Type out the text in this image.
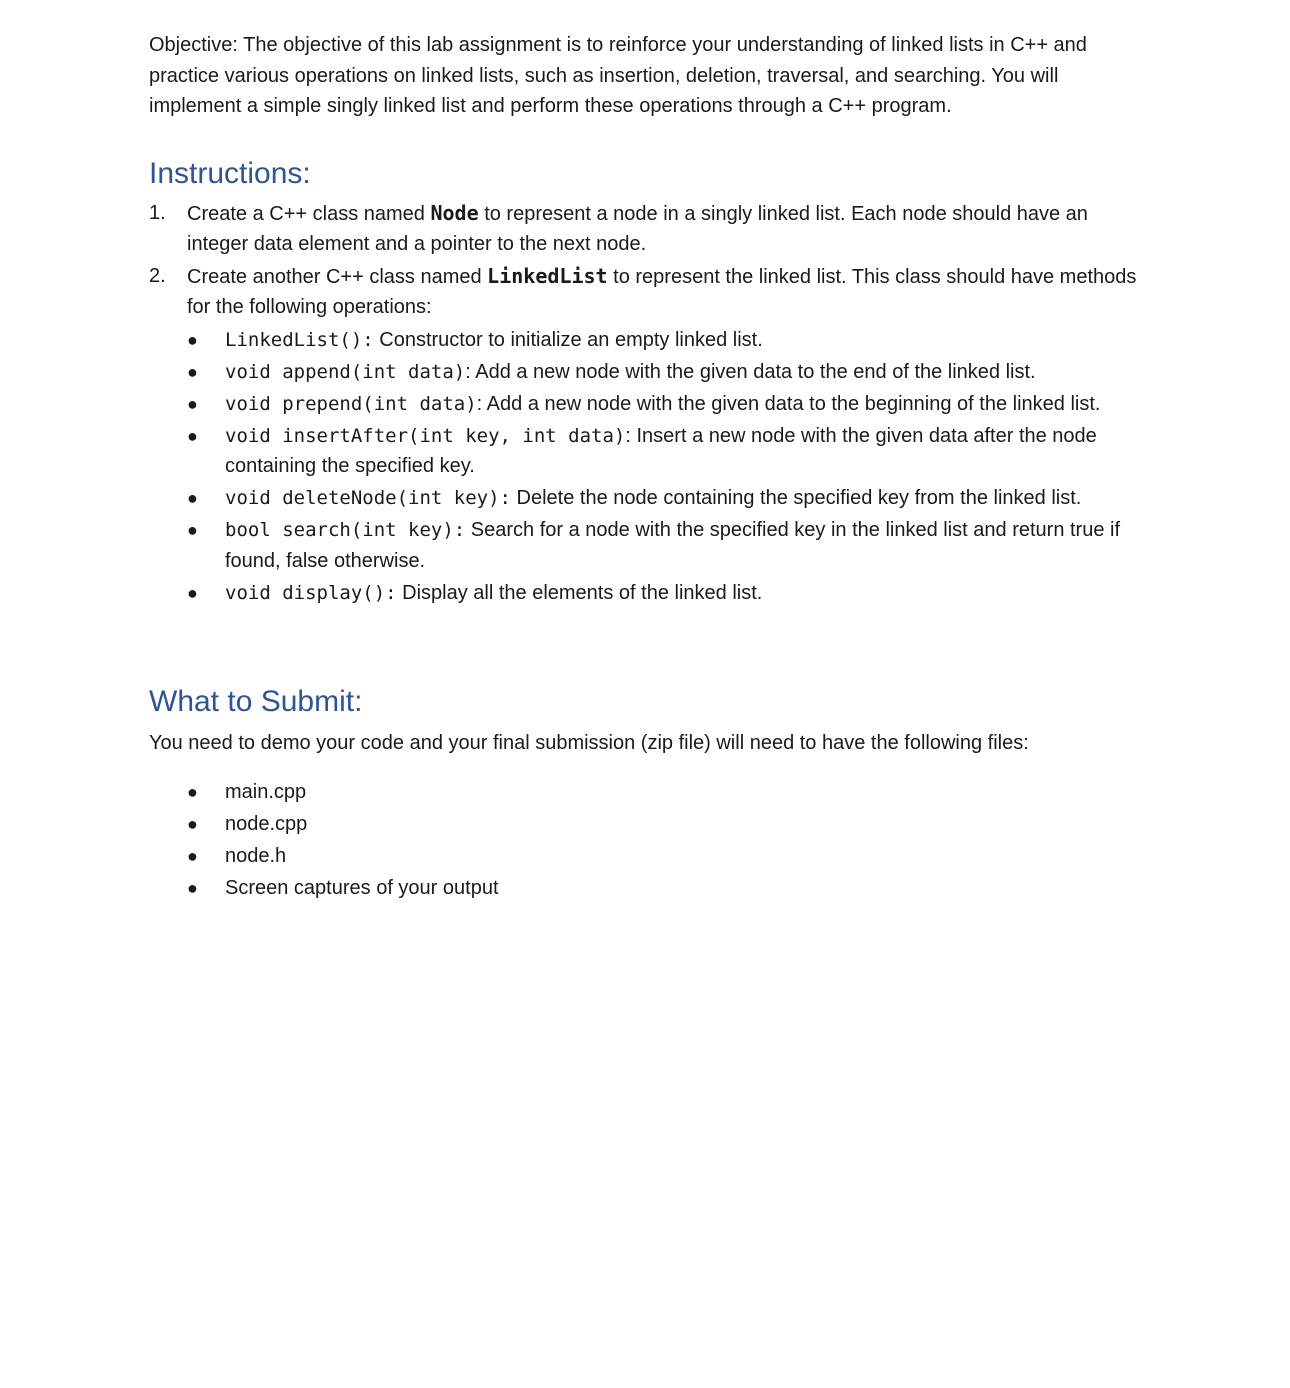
Objective: The objective of this lab assignment is to reinforce your understanding of linked lists in C++ and practice various operations on linked lists, such as insertion, deletion, traversal, and searching. You will implement a simple singly linked list and perform these operations through a C++ program.

Instructions:
1. Create a C++ class named Node to represent a node in a singly linked list. Each node should have an integer data element and a pointer to the next node.
2. Create another C++ class named LinkedList to represent the linked list. This class should have methods for the following operations:
●	LinkedList(): Constructor to initialize an empty linked list.
●	void append(int data): Add a new node with the given data to the end of the linked list.
●	void prepend(int data): Add a new node with the given data to the beginning of the linked list.
●	void insertAfter(int key, int data): Insert a new node with the given data after the node containing the specified key.
●	void deleteNode(int key): Delete the node containing the specified key from the linked list.
●	bool search(int key): Search for a node with the specified key in the linked list and return true if found, false otherwise.
●	void display(): Display all the elements of the linked list.
What to Submit:

You need to demo your code and your final submission (zip file) will need to have the following files:

●	main.cpp
●	node.cpp
●	node.h
●	Screen captures of your output
